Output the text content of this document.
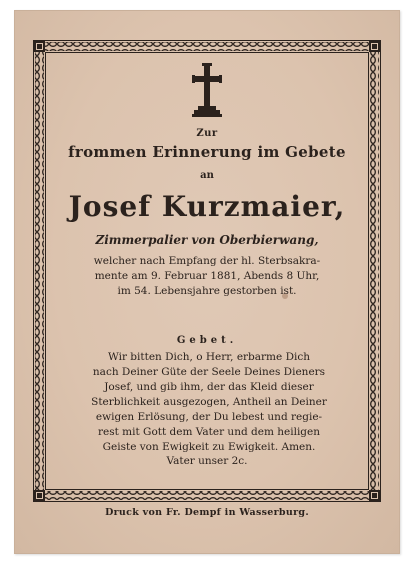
Zur
frommen Erinnerung im Gebete
an
Josef Kurzmaier,
Zimmerpalier von Oberbierwang,
welcher nach Empfang der hl. Sterbsakra-
mente am 9. Februar 1881, Abends 8 Uhr,
im 54. Lebensjahre gestorben ist.
Gebet.
Wir bitten Dich, o Herr, erbarme Dich
nach Deiner Güte der Seele Deines Dieners
Josef, und gib ihm, der das Kleid dieser
Sterblichkeit ausgezogen, Antheil an Deiner
ewigen Erlösung, der Du lebest und regie-
rest mit Gott dem Vater und dem heiligen
Geiste von Ewigkeit zu Ewigkeit. Amen.
Vater unser 2c.
Druck von Fr. Dempf in Wasserburg.
